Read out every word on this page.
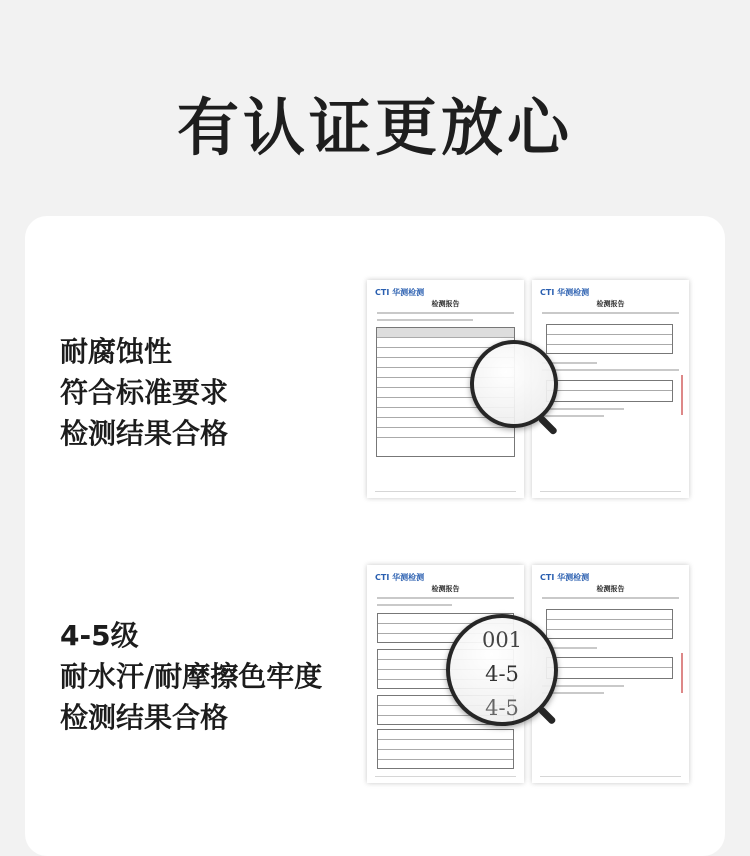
有认证更放心
耐腐蚀性
符合标准要求
检测结果合格
4-5级
耐水汗/耐摩擦色牢度
检测结果合格
CTI 华测检测
检测报告
CTI 华测检测
检测报告
CTI 华测检测
检测报告
CTI 华测检测
检测报告
001
4-5
4-5
